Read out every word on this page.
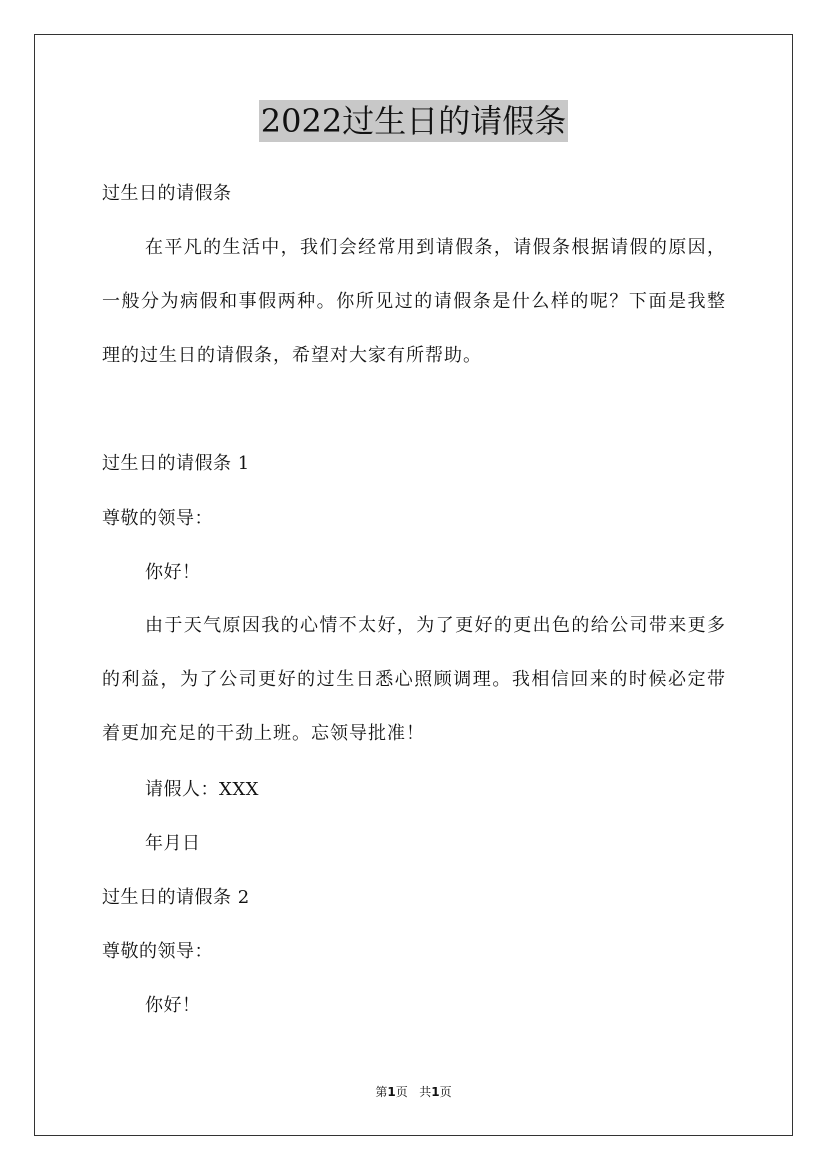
2022过生日的请假条
过生日的请假条
在平凡的生活中，我们会经常用到请假条，请假条根据请假的原因，一般分为病假和事假两种。你所见过的请假条是什么样的呢？下面是我整理的过生日的请假条，希望对大家有所帮助。
过生日的请假条 1
尊敬的领导：
你好！
由于天气原因我的心情不太好，为了更好的更出色的给公司带来更多的利益，为了公司更好的过生日悉心照顾调理。我相信回来的时候必定带着更加充足的干劲上班。忘领导批准！
请假人：XXX
年月日
过生日的请假条 2
尊敬的领导：
你好！
第1页 共1页
